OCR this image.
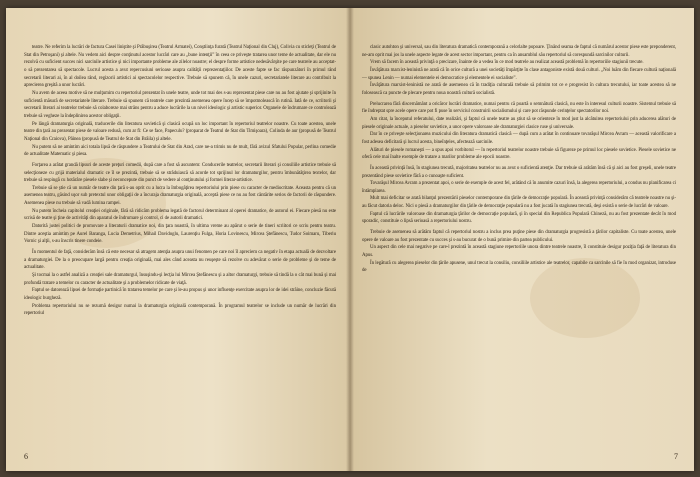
teatre. Ne referim la lucrări de factura Casei liniştite şi Prăbuşirea (Teatrul Armatei), Conştiinţa furată (Teatrul Naţional din Cluj), Colivia cu sticleţi (Teatrul de Stat din Petroşani) şi altele. Nu vedem aici despre conţinutul acestor lucrări care au „bune intenţii” în ceea ce priveşte tratarea unor teme de actualitate, dar ele nu rezolvă cu suficient succes nici sarcinile artistice şi nici importante probleme ale zilelor noastre; el despre forme artistice nedesăvârşite pe care teatrele au acceptat-o să prezentarea să spectacole. Lucrul acesta a avut repercusiuni serioase asupra calităţii reprezentaţiilor. De aceste fapte se fac răspunzători în primul rând secretarii literari ai, în al doilea rând, regizorii artistici ai spectacolelor respective. Trebuie să spunem că, în unele cazuri, secretariatele literare au contribuit la aprecierea greşită a unor lucrări.

Nu avem de aceea motive să ne mulţumim cu repertoriul prezentat în unele teatre, unde tot mai des s-au reprezentat piese care nu au fost ajutate şi sprijinite în suficientă măsură de secretariatele literare. Trebuie să spunem că teatrele care prezintă asemenea opere încep să se împotmolească în rutină. Iată de ce, scriitorii şi secretarii literari ai teatrelor trebuie să colaboreze mai strâns pentru a aduce lucrările la un nivel ideologic şi artistic superior. Organele de îndrumare ce controlează trebuie să vegheze la îndeplinirea acestor obligaţii.

Pe lângă dramaturgia originală, traducerile din literatura sovietică şi clasică ocupă un loc important în repertoriul teatrelor noastre. Cu toate acestea, unele teatre din ţară au prezentat piese de valoare redusă, cum ar fi: Ce se face, Papeculu? (proparat de Teatrul de Stat din Timişoara), Colinda de aur (propusă de Teatrul Naţional din Craiova), Pâinea (propusă de Teatrul de Stat din Brăila) şi altele.

Nu putem să ne amintim aici totala lipsă de răspundere a Teatrului de Stat din Arad, care ne-a trimis nu de mult, fără avizul Sfatului Popular, perlina comedie de actualitate Matematic şi piesa.

Forţarea a arătat grandă lipsuri de aceste preţuri comedii, după care a fost să ascuntem: Conducerile teatrelor, secretarii literari şi consiliile artistice trebuie să selecţioneze cu grijă materialul dramatic ce îl se prezintă, trebuie să se străduiască să acorde tot sprijinul lor dramaturgilor, pentru îmbunătăţirea textelor, dar trebuie să respingă cu hotărâre piesele slabe şi neconcepute din punct de vedere al conţinutului şi formei literar-artistice.

Trebuie să se ştie că un număr de teatre din ţară s-au oprit cu a lucra la îmbogăţirea repertoriului prin piese cu caracter de mediocritate. Aceasta pentru că un asemenea teatru, găsind uşor sub pretextul unor obligaţii de a încuraja dramaturgia originală, acceptă piese ce nu au fost cântărite serios de factorii de răspundere. Asemenea piese nu trebuie să vadă lumina rampei.

Nu putem încheia capitolul creaţiei originale, fără să ridicăm problema legată de factorul determinant al operei dramatice, de autorul ei. Fiecare piesă nu este scrisă de teatre şi ţine de activităţi din aparatul de îndrumare şi control, ci de autorii dramatici.

Datorită justei politici de promovare a literaturii dramatice noi, din ţara noastră, în ultima vreme au apărut o serie de tineri scriitori ce scriu pentru teatru. Dintre aceştia amintim pe Aurel Baranga, Lucia Demetrius, Mihail Davidoglu, Laurenţiu Fulga, Horia Lovinescu, Mircea Ştefănescu, Tudor Soimaru, Tiberiu Vornic şi alţii, s-au înscris tinere condeie.

În momentul de faţă, considerăm însă că este necesar să atragem atenţia asupra unui fenomen pe care noi îl apreciem ca negativ în etapa actuală de dezvoltare a dramaturgiei. De la o preocupare largă pentru creaţia originală, mai ales când aceasta nu reuşeşte să rezolve cu adevărat o serie de probleme şi de teme de actualitate.

Şi tocmai la o astfel analiză a creaţiei sale dramaturgul, însuşindu-şi lecţia lui Mircea Ştefănescu şi a altor dramaturgi, trebuie să tindă la o cât mai bună şi mai profundă tratare a temelor cu caracter de actualitate şi a problemelor ridicate de viaţă.

Faptul se datorează lipsei de formaţie partinică în tratarea temelor pe care şi le-au propus şi unor influenţe exercitate asupra lor de idei străine, concluzie făcută ideologic burgheză.

Problema repertoriului nu se rezumă desigur numai la dramaturgia originală contemporană. În programul teatrelor se include un număr de lucrări din repertoriul

6

clasic autohton şi universal, sau din literatura dramatică contemporană a celorlalte popoare. Ţinând seama de faptul că numărul acestor piese este preponderent, ne-am oprit mai jos la unele aspecte legate de acest sector important, pentru ca în ansamblul său repertoriul să corespundă sarcinilor culturii.

Vrem să facem în această privinţă o precizare, înainte de a vedea în ce mod teatrele au realizat această problemă în repertoriile stagiunii trecute.

Învăţătura marxist-leninistă ne arată că în orice cultură a unei societăţi împărţite în clase antagoniste există două culturi. „Noi luăm din fiecare cultură naţională — spunea Lenin — numai elementele ei democratice şi elementele ei socialiste”.

Învăţătura marxist-leninistă ne arată de asemenea că în tradiţia culturală trebuie să primim tot ce e progresist în cultura trecutului, iar toate acestea să ne folosească ca puncte de plecare pentru noua noastră cultură socialistă.

Prelucrarea fără discernământ a oricăror lucrări dramatice, numai pentru că poartă o semnătură clasică, nu este în interesul culturii noastre. Sistemul trebuie să fie îndreptat spre acele opere care pot fi puse în serviciul construirii socialismului şi care pot răspunde cerinţelor spectatorilor noi.

Am citat, la începutul referatului, date realizări, şi faptul că unele teatre au ştiut să se orienteze în mod just la alcătuirea repertoriului prin aducerea alături de piesele originale actuale, a pieselor sovietice, a unor opere valoroase ale dramaturgiei clasice ruse şi universale.

Dar în ce priveşte selecţionarea muzicului din literatura dramatică clasică — după cum a arătat în continuare tovarăşul Mircea Avram — această valorificare a fost adesea deficitară şi lucrul acesta, bineînţeles, afectează sarcinile.

Alături de piesele romaneşti — a spus apoi vorbitorul — în repertoriul teatrelor noastre trebuie să figureze pe primul loc piesele sovietice. Piesele sovietice ne oferă cele mai înalte exemple de tratare a marilor probleme ale epocii noastre.

În această privinţă însă, în stagiunea trecută, majoritatea teatrelor nu au avut o suficientă atenţie. Dar trebuie să arătăm însă că şi aici au fost greşeli, unele teatre prezentând piese sovietice fără a o cunoaşte suficient.

Tovarăşul Mircea Avram a prezentat apoi, o serie de exemple de acest fel, arătând că în anumite cazuri însă, la alegerea repertoriului, a condus nu planificarea ci întâmplarea.

Mult mai deficitar se arată bilanţul prezentării pieselor contemporane din ţările de democraţie populară. În această privinţă considerăm că teatrele noastre nu şi-au făcut datoria deloc. Nici o piesă a dramaturgilor din ţările de democraţie populară nu a fost jucată în stagiunea trecută, deşi există o serie de lucrări de valoare.

Faptul că lucrările valoroase din dramaturgia ţărilor de democraţie populară, şi în special din Republica Populară Chineză, nu au fost prezentate decât în mod sporadic, constituie o lipsă serioasă a repertoriului nostru.

Trebuie de asemenea să arătăm faptul că repertoriul nostru a inclus prea puţine piese din dramaturgia progresistă a ţărilor capitaliste. Cu toate acestea, unele opere de valoare au fost prezentate cu succes şi s-au bucurat de o bună primire din partea publicului.

Un aspect din cele mai negative pe care-l prezintă în această stagiune repertoriile unora dintre teatrele noastre, îl constituie desigur poziţia faţă de literatura din Apus.

În legătură cu alegerea pieselor din ţările apusene, unul trecut la consiliu, consiliile artistice ale teatrelor, capabile ca sarcinile să fie în mod organizat, introduse de

7
